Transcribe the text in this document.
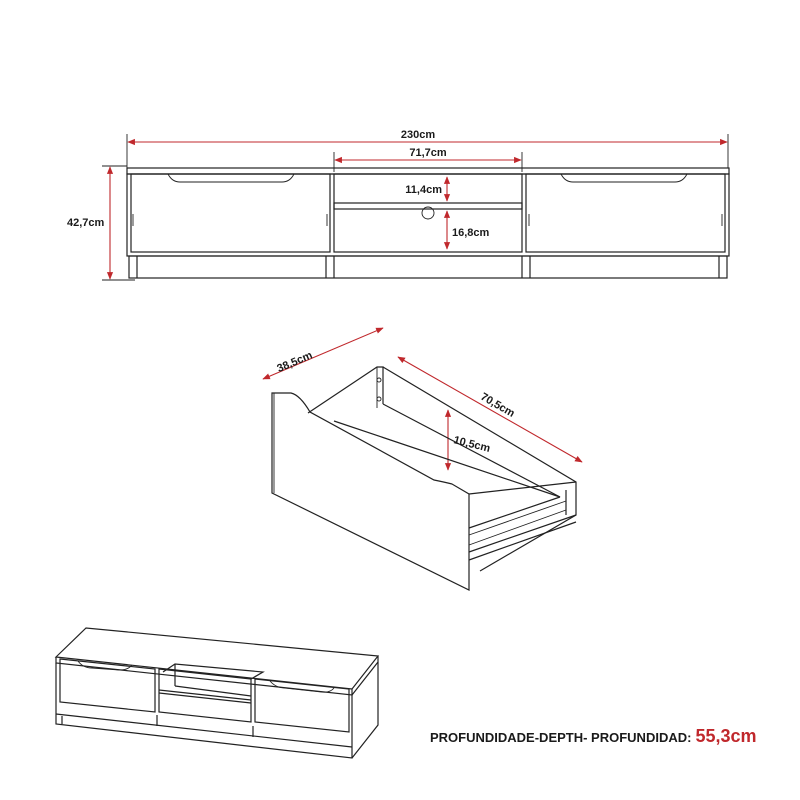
230cm
71,7cm
42,7cm
11,4cm
16,8cm
38,5cm
70,5cm
10,5cm
PROFUNDIDADE-DEPTH- PROFUNDIDAD: 55,3cm
